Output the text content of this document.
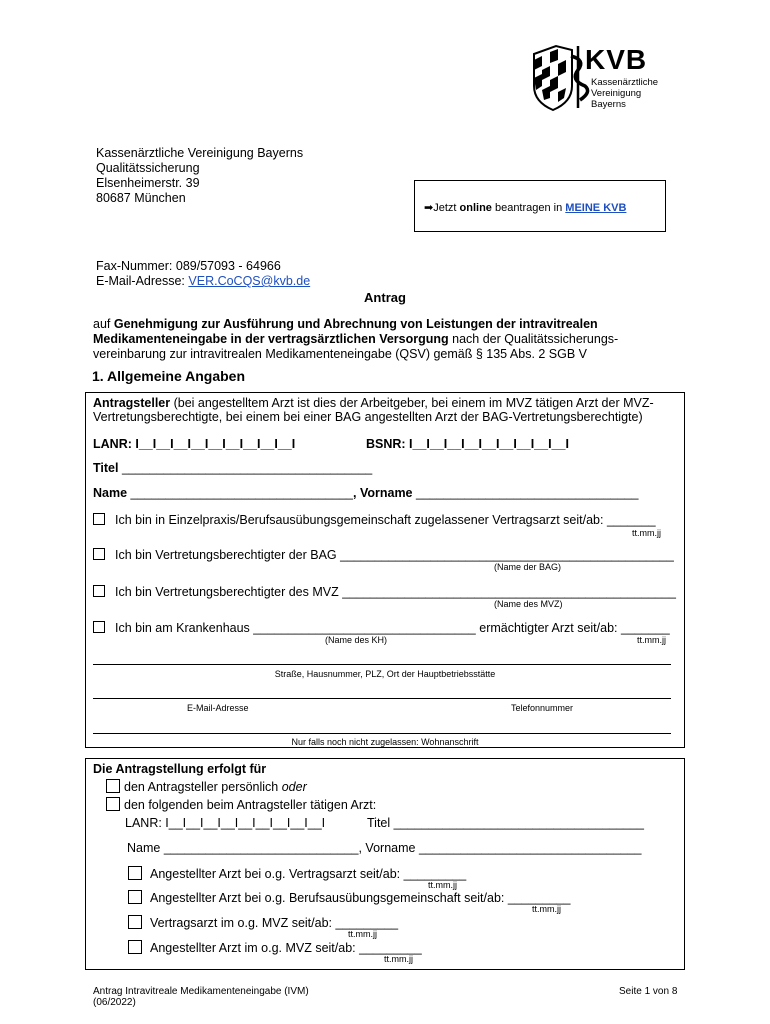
KVB
Kassenärztliche
Vereinigung
Bayerns
Kassenärztliche Vereinigung Bayerns
Qualitätssicherung
Elsenheimerstr. 39
80687 München
➡Jetzt online beantragen in MEINE KVB
Fax-Nummer: 089/57093 - 64966
E-Mail-Adresse: VER.CoCQS@kvb.de
Antrag
auf Genehmigung zur Ausführung und Abrechnung von Leistungen der intravitrealen Medikamenteneingabe in der vertragsärztlichen Versorgung nach der Qualitätssicherungs-vereinbarung zur intravitrealen Medikamenteneingabe (QSV) gemäß § 135 Abs. 2 SGB V
1. Allgemeine Angaben
Antragsteller (bei angestelltem Arzt ist dies der Arbeitgeber, bei einem im MVZ tätigen Arzt der MVZ-Vertretungsberechtigte, bei einem bei einer BAG angestellten Arzt der BAG-Vertretungsberechtigte)
LANR: I__I__I__I__I__I__I__I__I__I	BSNR: I__I__I__I__I__I__I__I__I__I
Titel ____________________________________
Name ________________________________, Vorname ________________________________
Ich bin in Einzelpraxis/Berufsausübungsgemeinschaft zugelassener Vertragsarzt seit/ab: _______
tt.mm.jj
Ich bin Vertretungsberechtigter der BAG ________________________________________________
(Name der BAG)
Ich bin Vertretungsberechtigter des MVZ ________________________________________________
(Name des MVZ)
Ich bin am Krankenhaus ________________________________ ermächtigter Arzt seit/ab: _______
(Name des KH)	tt.mm.jj
Straße, Hausnummer, PLZ, Ort der Hauptbetriebsstätte
E-Mail-Adresse	Telefonnummer
Nur falls noch nicht zugelassen: Wohnanschrift
Die Antragstellung erfolgt für
den Antragsteller persönlich oder
den folgenden beim Antragsteller tätigen Arzt:
LANR: I__I__I__I__I__I__I__I__I__I	Titel ____________________________________
Name ____________________________, Vorname ________________________________
Angestellter Arzt bei o.g. Vertragsarzt seit/ab: _________
tt.mm.jj
Angestellter Arzt bei o.g. Berufsausübungsgemeinschaft seit/ab: _________
tt.mm.jj
Vertragsarzt im o.g. MVZ seit/ab: _________
tt.mm.jj
Angestellter Arzt im o.g. MVZ seit/ab: _________
tt.mm.jj
Antrag Intravitreale Medikamenteneingabe (IVM)
(06/2022)
Seite 1 von 8
